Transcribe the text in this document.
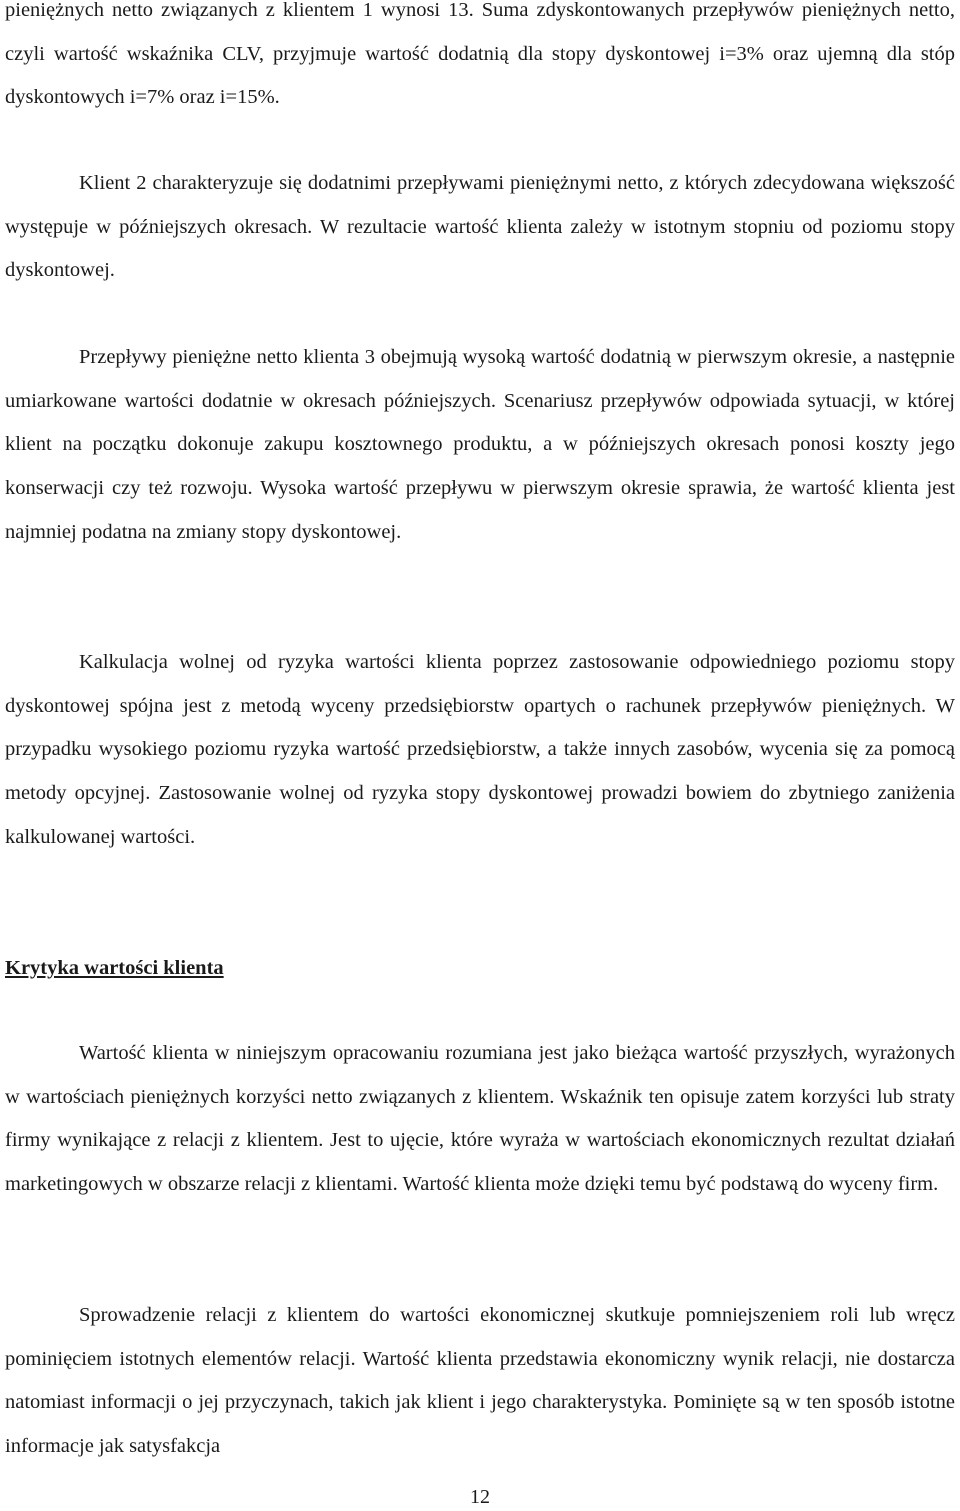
pieniężnych netto związanych z klientem 1 wynosi 13. Suma zdyskontowanych przepływów pieniężnych netto, czyli wartość wskaźnika CLV, przyjmuje wartość dodatnią dla stopy dyskontowej i=3% oraz ujemną dla stóp dyskontowych i=7% oraz i=15%.

Klient 2 charakteryzuje się dodatnimi przepływami pieniężnymi netto, z których zdecydowana większość występuje w późniejszych okresach. W rezultacie wartość klienta zależy w istotnym stopniu od poziomu stopy dyskontowej.

Przepływy pieniężne netto klienta 3 obejmują wysoką wartość dodatnią w pierwszym okresie, a następnie umiarkowane wartości dodatnie w okresach późniejszych. Scenariusz przepływów odpowiada sytuacji, w której klient na początku dokonuje zakupu kosztownego produktu, a w późniejszych okresach ponosi koszty jego konserwacji czy też rozwoju. Wysoka wartość przepływu w pierwszym okresie sprawia, że wartość klienta jest najmniej podatna na zmiany stopy dyskontowej.

Kalkulacja wolnej od ryzyka wartości klienta poprzez zastosowanie odpowiedniego poziomu stopy dyskontowej spójna jest z metodą wyceny przedsiębiorstw opartych o rachunek przepływów pieniężnych. W przypadku wysokiego poziomu ryzyka wartość przedsiębiorstw, a także innych zasobów, wycenia się za pomocą metody opcyjnej. Zastosowanie wolnej od ryzyka stopy dyskontowej prowadzi bowiem do zbytniego zaniżenia kalkulowanej wartości.

Krytyka wartości klienta

Wartość klienta w niniejszym opracowaniu rozumiana jest jako bieżąca wartość przyszłych, wyrażonych w wartościach pieniężnych korzyści netto związanych z klientem. Wskaźnik ten opisuje zatem korzyści lub straty firmy wynikające z relacji z klientem. Jest to ujęcie, które wyraża w wartościach ekonomicznych rezultat działań marketingowych w obszarze relacji z klientami. Wartość klienta może dzięki temu być podstawą do wyceny firm.

Sprowadzenie relacji z klientem do wartości ekonomicznej skutkuje pomniejszeniem roli lub wręcz pominięciem istotnych elementów relacji. Wartość klienta przedstawia ekonomiczny wynik relacji, nie dostarcza natomiast informacji o jej przyczynach, takich jak klient i jego charakterystyka. Pominięte są w ten sposób istotne informacje jak satysfakcja

12
